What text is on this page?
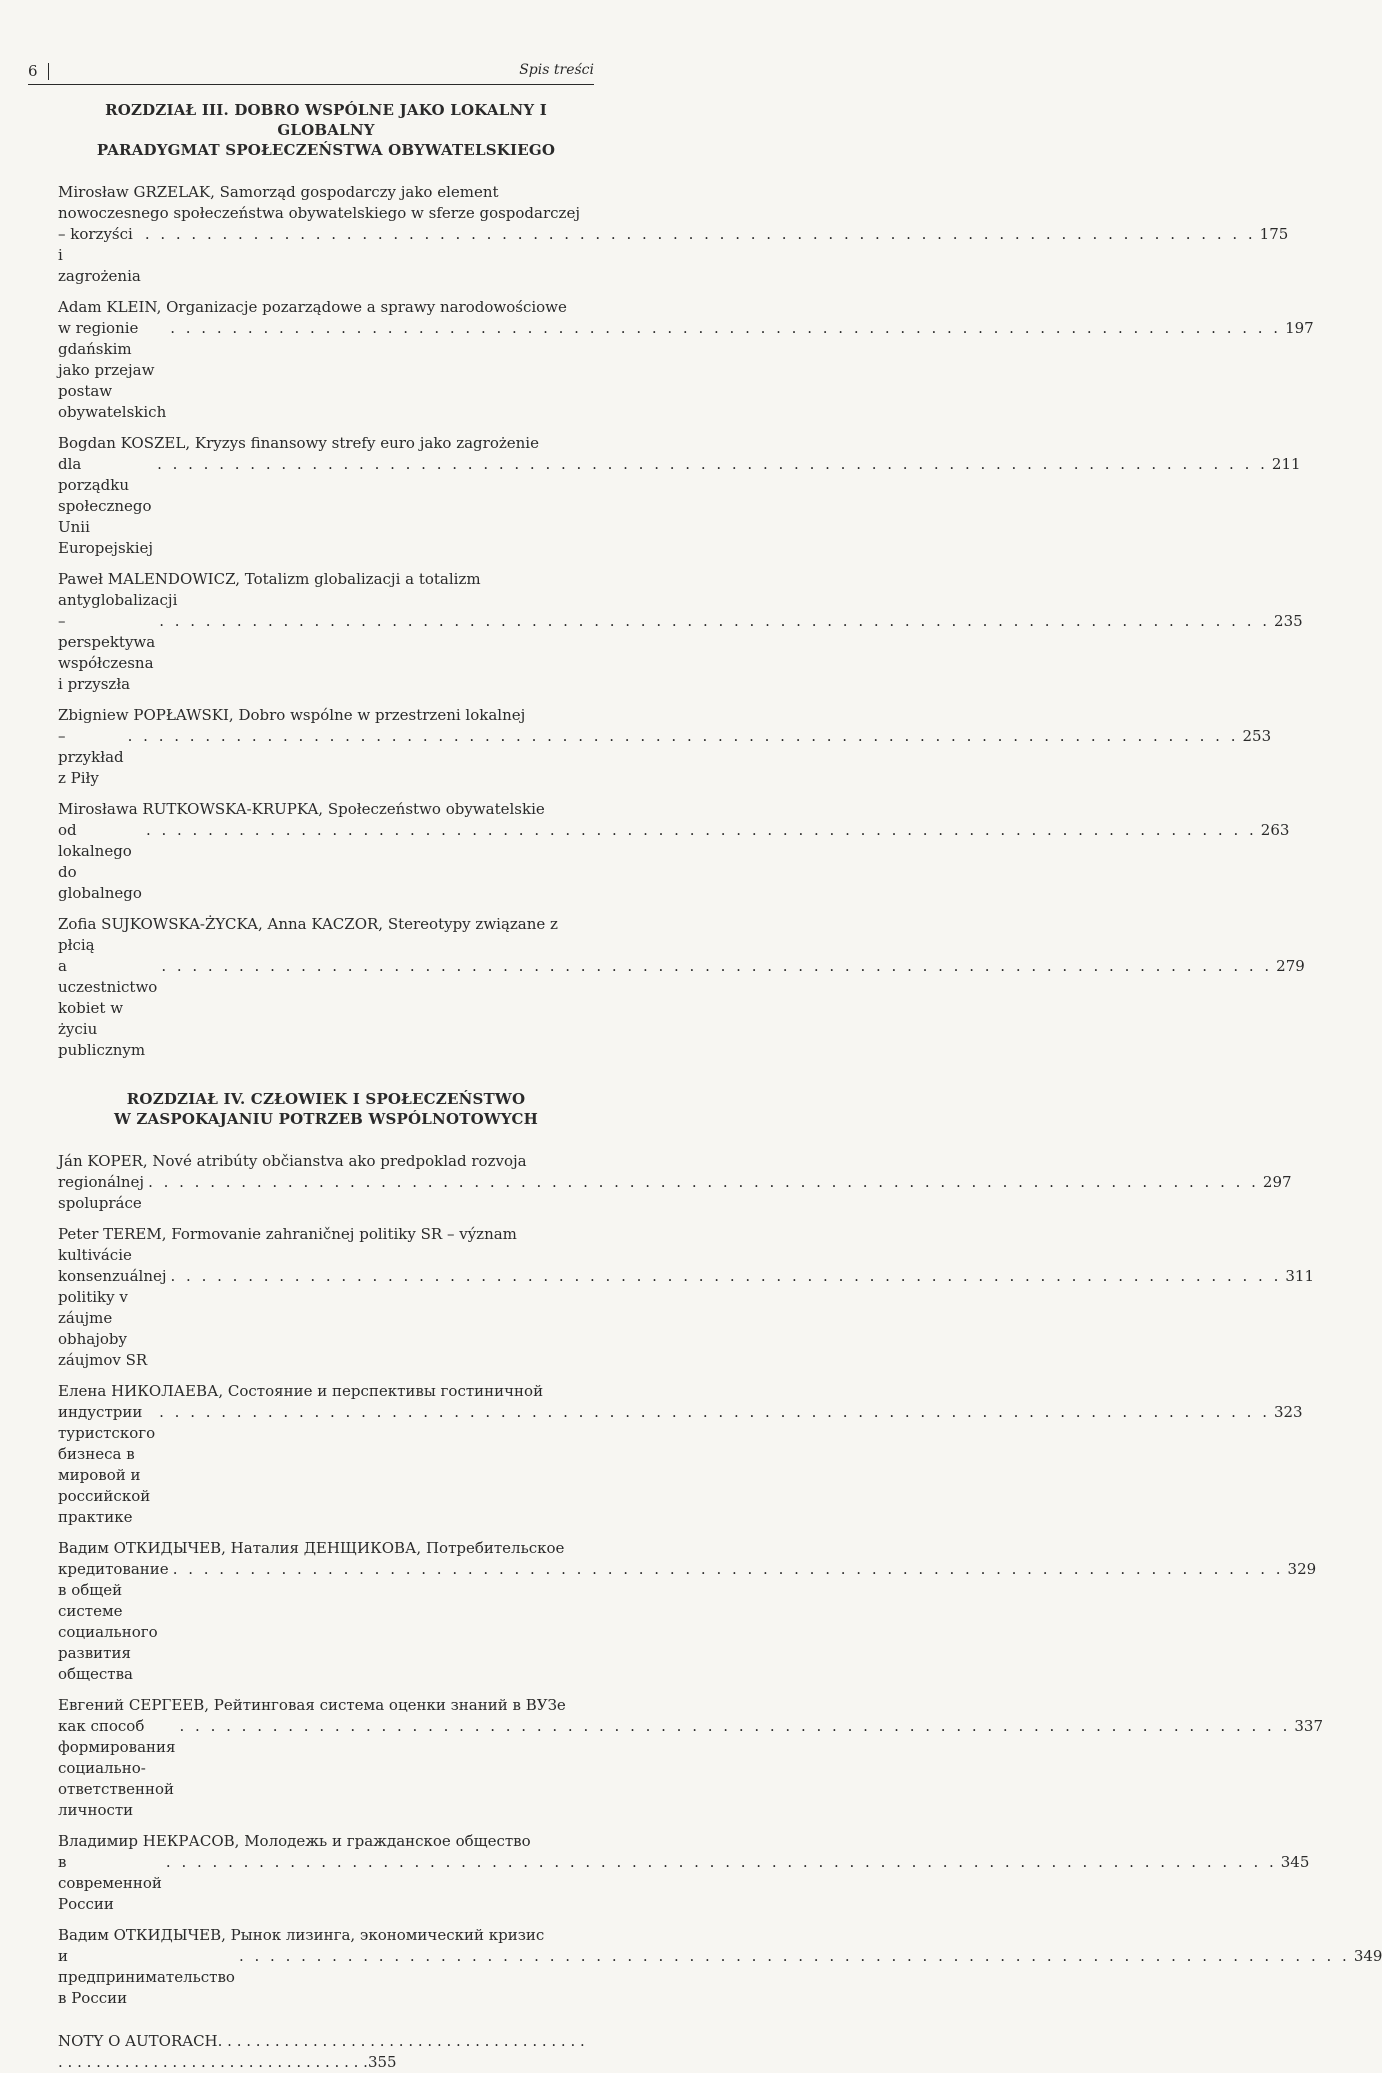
6	Spis treści
ROZDZIAŁ III. DOBRO WSPÓLNE JAKO LOKALNY I GLOBALNY
PARADYGMAT SPOŁECZEŃSTWA OBYWATELSKIEGO
Mirosław GRZELAK, Samorząd gospodarczy jako element
nowoczesnego społeczeństwa obywatelskiego w sferze gospodarczej
– korzyści i zagrożenia
. . . . . . . . . . . . . . . . . . . . . . . . . . . . . . . . . . . . . . . . . . . . . . . . . . . . . . . . . . . . . . . . . . . . . . . . 175
Adam KLEIN, Organizacje pozarządowe a sprawy narodowościowe
w regionie gdańskim jako przejaw postaw obywatelskich
. . . . . . . . . . . . . . . . . . . . . . . . . . . . . . . . . . . . . . . . . . . . . . . . . . . . . . . . . . . . . . . . . . . . . . . . 197
Bogdan KOSZEL, Kryzys finansowy strefy euro jako zagrożenie
dla porządku społecznego Unii Europejskiej
. . . . . . . . . . . . . . . . . . . . . . . . . . . . . . . . . . . . . . . . . . . . . . . . . . . . . . . . . . . . . . . . . . . . . . . . 211
Paweł MALENDOWICZ, Totalizm globalizacji a totalizm antyglobalizacji
– perspektywa współczesna i przyszła
. . . . . . . . . . . . . . . . . . . . . . . . . . . . . . . . . . . . . . . . . . . . . . . . . . . . . . . . . . . . . . . . . . . . . . . . 235
Zbigniew POPŁAWSKI, Dobro wspólne w przestrzeni lokalnej
– przykład z Piły
. . . . . . . . . . . . . . . . . . . . . . . . . . . . . . . . . . . . . . . . . . . . . . . . . . . . . . . . . . . . . . . . . . . . . . . . 253
Mirosława RUTKOWSKA-KRUPKA, Społeczeństwo obywatelskie
od lokalnego do globalnego
. . . . . . . . . . . . . . . . . . . . . . . . . . . . . . . . . . . . . . . . . . . . . . . . . . . . . . . . . . . . . . . . . . . . . . . . 263
Zofia SUJKOWSKA-ŻYCKA, Anna KACZOR, Stereotypy związane z płcią
a uczestnictwo kobiet w życiu publicznym
. . . . . . . . . . . . . . . . . . . . . . . . . . . . . . . . . . . . . . . . . . . . . . . . . . . . . . . . . . . . . . . . . . . . . . . . 279
ROZDZIAŁ IV. CZŁOWIEK I SPOŁECZEŃSTWO
W ZASPOKAJANIU POTRZEB WSPÓLNOTOWYCH
Ján KOPER, Nové atribúty občianstva ako predpoklad rozvoja
regionálnej spolupráce
. . . . . . . . . . . . . . . . . . . . . . . . . . . . . . . . . . . . . . . . . . . . . . . . . . . . . . . . . . . . . . . . . . . . . . . . 297
Peter TEREM, Formovanie zahraničnej politiky SR – význam kultivácie
konsenzuálnej politiky v záujme obhajoby záujmov SR
. . . . . . . . . . . . . . . . . . . . . . . . . . . . . . . . . . . . . . . . . . . . . . . . . . . . . . . . . . . . . . . . . . . . . . . . 311
Елена НИКОЛАЕВА, Состояние и перспективы гостиничной
индустрии туристского бизнеса в мировой и российской практике
. . . . . . . . . . . . . . . . . . . . . . . . . . . . . . . . . . . . . . . . . . . . . . . . . . . . . . . . . . . . . . . . . . . . . . . . 323
Вадим ОТКИДЫЧЕВ, Наталия ДЕНЩИКОВА, Потребительское
кредитование в общей системе социального развития общества
. . . . . . . . . . . . . . . . . . . . . . . . . . . . . . . . . . . . . . . . . . . . . . . . . . . . . . . . . . . . . . . . . . . . . . . . 329
Евгений СЕРГЕЕВ, Рейтинговая система оценки знаний в ВУЗе
как способ формирования социально-ответственной личности
. . . . . . . . . . . . . . . . . . . . . . . . . . . . . . . . . . . . . . . . . . . . . . . . . . . . . . . . . . . . . . . . . . . . . . . . 337
Владимир НЕКРАСОВ, Молодежь и гражданское общество
в современной России
. . . . . . . . . . . . . . . . . . . . . . . . . . . . . . . . . . . . . . . . . . . . . . . . . . . . . . . . . . . . . . . . . . . . . . . . 345
Вадим ОТКИДЫЧЕВ, Рынок лизинга, экономический кризис
и предпринимательство в России
. . . . . . . . . . . . . . . . . . . . . . . . . . . . . . . . . . . . . . . . . . . . . . . . . . . . . . . . . . . . . . . . . . . . . . . . 349
NOTY O AUTORACH. . . . . . . . . . . . . . . . . . . . . . . . . . . . . . . . . . . . . . . . . . . . . . . . . . . . . . . . . . . . . . . . . . . . . . . .355
